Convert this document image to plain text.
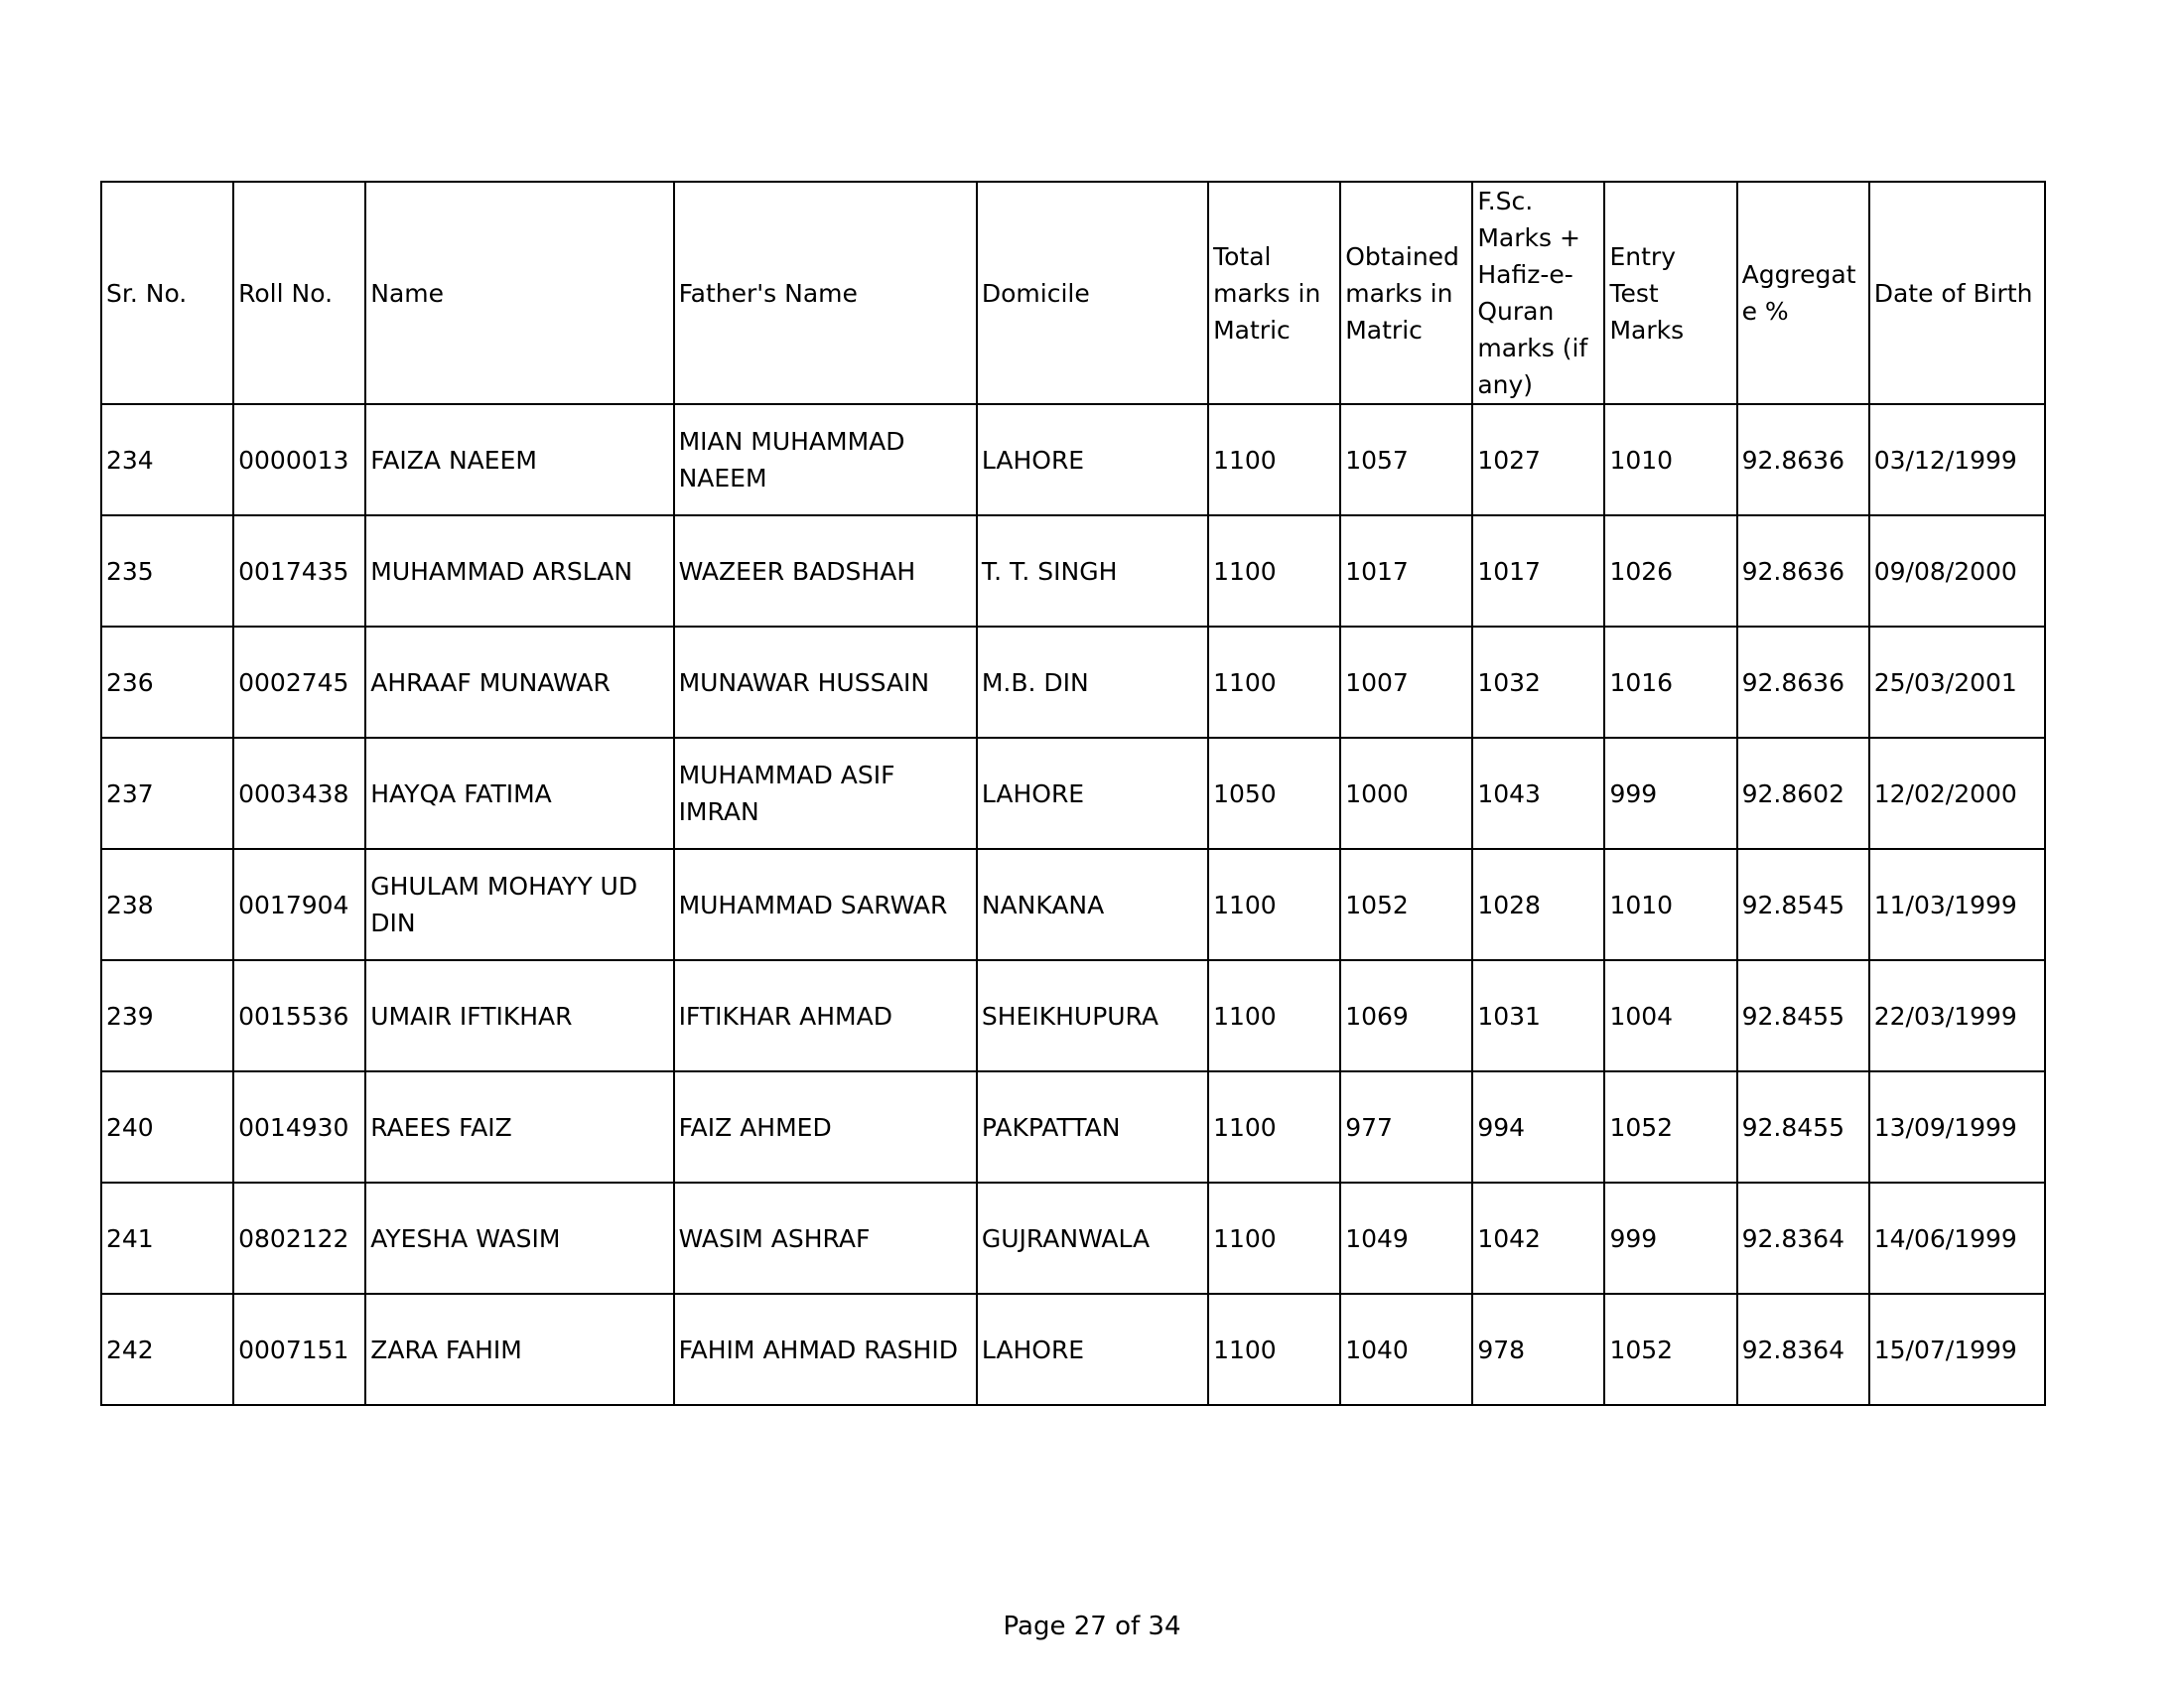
Sr. No.	Roll No.	Name	Father's Name	Domicile	Total marks in Matric	Obtained marks in Matric	F.Sc. Marks + Hafiz-e-Quran marks (if any)	Entry Test Marks	Aggregate %	Date of Birth
234	0000013	FAIZA NAEEM	MIAN MUHAMMAD NAEEM	LAHORE	1100	1057	1027	1010	92.8636	03/12/1999
235	0017435	MUHAMMAD ARSLAN	WAZEER BADSHAH	T. T. SINGH	1100	1017	1017	1026	92.8636	09/08/2000
236	0002745	AHRAAF MUNAWAR	MUNAWAR HUSSAIN	M.B. DIN	1100	1007	1032	1016	92.8636	25/03/2001
237	0003438	HAYQA FATIMA	MUHAMMAD ASIF IMRAN	LAHORE	1050	1000	1043	999	92.8602	12/02/2000
238	0017904	GHULAM MOHAYY UD DIN	MUHAMMAD SARWAR	NANKANA	1100	1052	1028	1010	92.8545	11/03/1999
239	0015536	UMAIR IFTIKHAR	IFTIKHAR AHMAD	SHEIKHUPURA	1100	1069	1031	1004	92.8455	22/03/1999
240	0014930	RAEES FAIZ	FAIZ AHMED	PAKPATTAN	1100	977	994	1052	92.8455	13/09/1999
241	0802122	AYESHA WASIM	WASIM ASHRAF	GUJRANWALA	1100	1049	1042	999	92.8364	14/06/1999
242	0007151	ZARA FAHIM	FAHIM AHMAD RASHID	LAHORE	1100	1040	978	1052	92.8364	15/07/1999
Page 27 of 34
